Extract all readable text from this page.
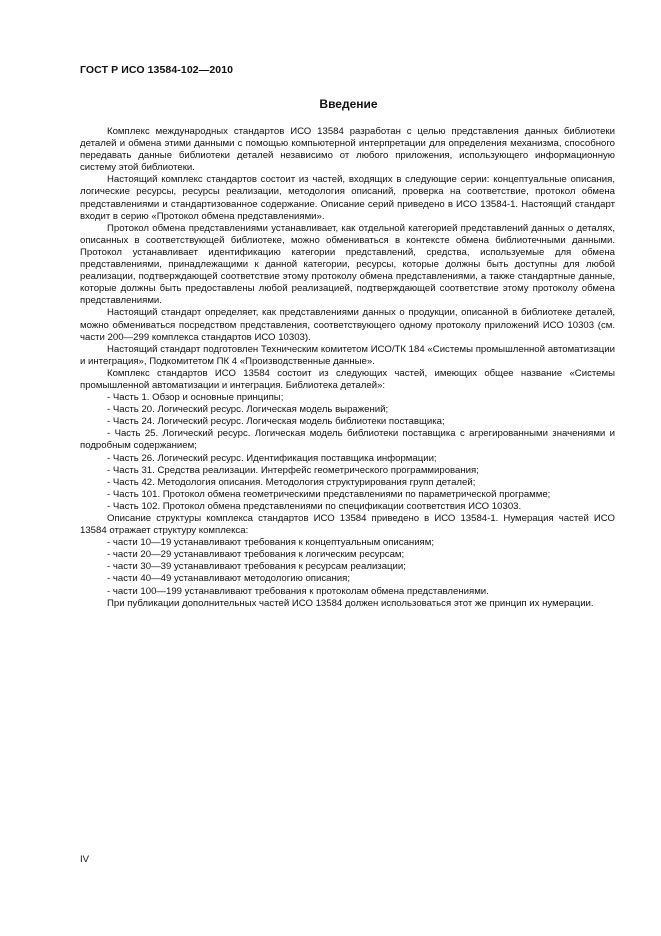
ГОСТ Р ИСО 13584-102—2010
Введение

Комплекс международных стандартов ИСО 13584 разработан с целью представления данных библиотеки деталей и обмена этими данными с помощью компьютерной интерпретации для определения механизма, способного передавать данные библиотеки деталей независимо от любого приложения, использующего информационную систему этой библиотеки.

Настоящий комплекс стандартов состоит из частей, входящих в следующие серии: концептуальные описания, логические ресурсы, ресурсы реализации, методология описаний, проверка на соответствие, протокол обмена представлениями и стандартизованное содержание. Описание серий приведено в ИСО 13584-1. Настоящий стандарт входит в серию «Протокол обмена представлениями».

Протокол обмена представлениями устанавливает, как отдельной категорией представлений данных о деталях, описанных в соответствующей библиотеке, можно обмениваться в контексте обмена библиотечными данными. Протокол устанавливает идентификацию категории представлений, средства, используемые для обмена представлениями, принадлежащими к данной категории, ресурсы, которые должны быть доступны для любой реализации, подтверждающей соответствие этому протоколу обмена представлениями, а также стандартные данные, которые должны быть предоставлены любой реализацией, подтверждающей соответствие этому протоколу обмена представлениями.

Настоящий стандарт определяет, как представлениями данных о продукции, описанной в библиотеке деталей, можно обмениваться посредством представления, соответствующего одному протоколу приложений ИСО 10303 (см. части 200—299 комплекса стандартов ИСО 10303).

Настоящий стандарт подготовлен Техническим комитетом ИСО/ТК 184 «Системы промышленной автоматизации и интеграция», Подкомитетом ПК 4 «Производственные данные».

Комплекс стандартов ИСО 13584 состоит из следующих частей, имеющих общее название «Системы промышленной автоматизации и интеграция. Библиотека деталей»:

- Часть 1. Обзор и основные принципы;

- Часть 20. Логический ресурс. Логическая модель выражений;

- Часть 24. Логический ресурс. Логическая модель библиотеки поставщика;

- Часть 25. Логический ресурс. Логическая модель библиотеки поставщика с агрегированными значениями и подробным содержанием;

- Часть 26. Логический ресурс. Идентификация поставщика информации;

- Часть 31. Средства реализации. Интерфейс геометрического программирования;

- Часть 42. Методология описания. Методология структурирования групп деталей;

- Часть 101. Протокол обмена геометрическими представлениями по параметрической программе;

- Часть 102. Протокол обмена представлениями по спецификации соответствия ИСО 10303.

Описание структуры комплекса стандартов ИСО 13584 приведено в ИСО 13584-1. Нумерация частей ИСО 13584 отражает структуру комплекса:

- части 10—19 устанавливают требования к концептуальным описаниям;

- части 20—29 устанавливают требования к логическим ресурсам;

- части 30—39 устанавливают требования к ресурсам реализации;

- части 40—49 устанавливают методологию описания;

- части 100—199 устанавливают требования к протоколам обмена представлениями.

При публикации дополнительных частей ИСО 13584 должен использоваться этот же принцип их нумерации.

IV
